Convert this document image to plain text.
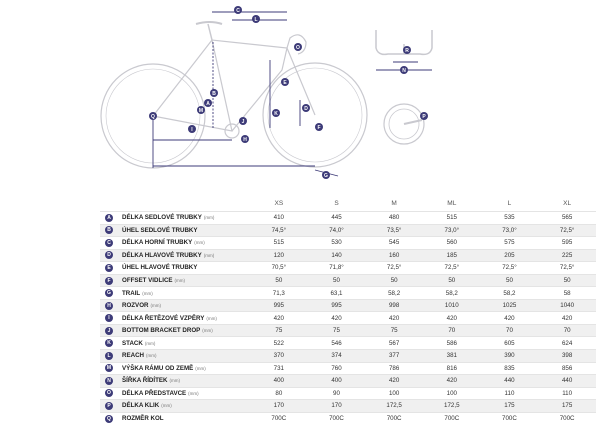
C
L
B
A
E
J
P
O
Q
I
D
K
H
F
G
N
M
R
		XS	S	M	ML	L	XL
A	DÉLKA SEDLOVÉ TRUBKY (mm)	410	445	480	515	535	565
B	ÚHEL SEDLOVÉ TRUBKY	74,5°	74,0°	73,5°	73,0°	73,0°	72,5°
C	DÉLKA HORNÍ TRUBKY (mm)	515	530	545	560	575	595
D	DÉLKA HLAVOVÉ TRUBKY (mm)	120	140	160	185	205	225
E	ÚHEL HLAVOVÉ TRUBKY	70,5°	71,8°	72,5°	72,5°	72,5°	72,5°
F	OFFSET VIDLICE (mm)	50	50	50	50	50	50
G	TRAIL (mm)	71,3	63,1	58,2	58,2	58,2	58
H	ROZVOR (mm)	995	995	998	1010	1025	1040
I	DÉLKA ŘETĚZOVÉ VZPĚRY (mm)	420	420	420	420	420	420
J	BOTTOM BRACKET DROP (mm)	75	75	75	70	70	70
K	STACK (mm)	522	546	567	586	605	624
L	REACH (mm)	370	374	377	381	390	398
M	VÝŠKA RÁMU OD ZEMĚ (mm)	731	760	786	816	835	856
N	ŠÍŘKA ŘÍDÍTEK (mm)	400	400	420	420	440	440
O	DÉLKA PŘEDSTAVCE (mm)	80	90	100	100	110	110
P	DÉLKA KLIK (mm)	170	170	172,5	172,5	175	175
Q	ROZMĚR KOL	700C	700C	700C	700C	700C	700C
